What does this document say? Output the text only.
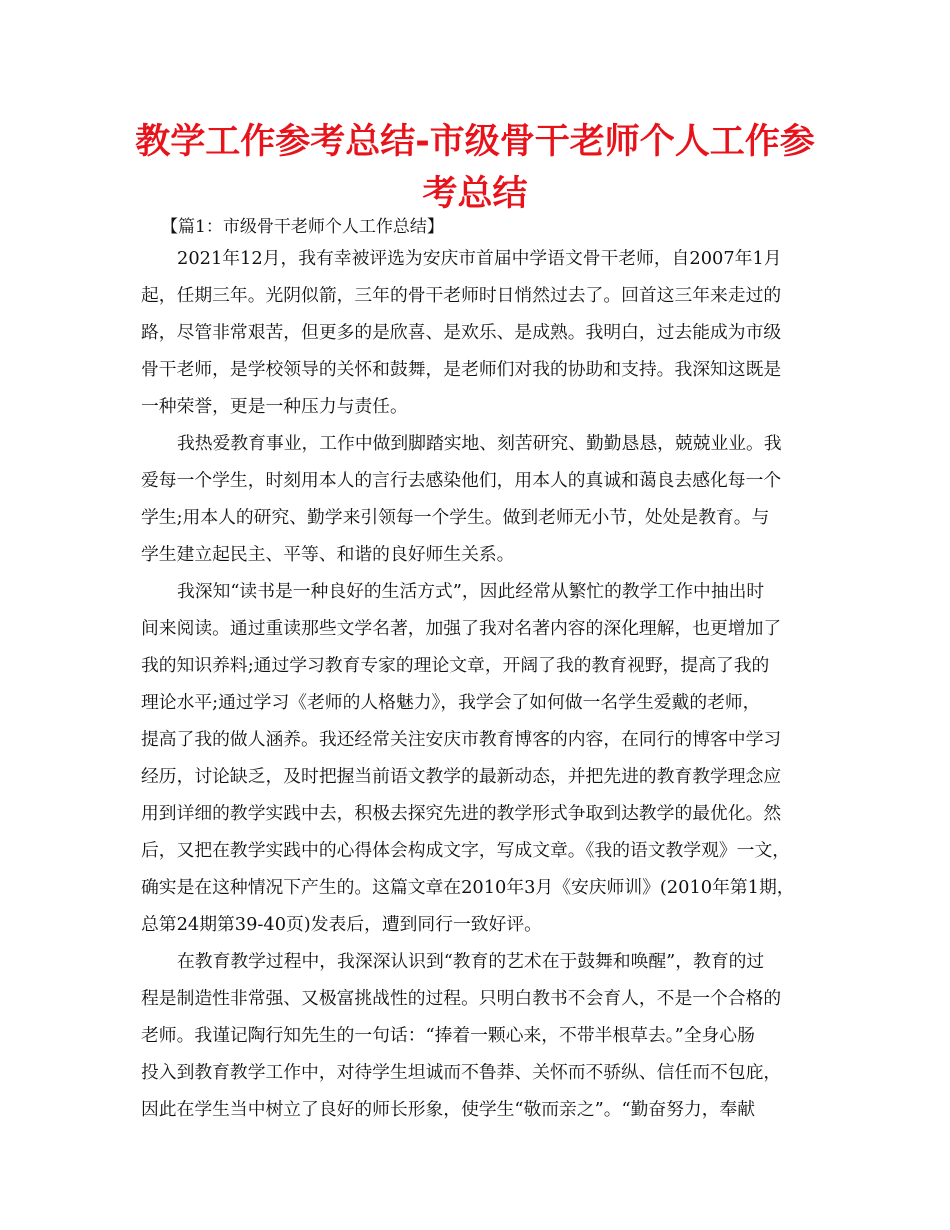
教学工作参考总结-市级骨干老师个人工作参考总结

【篇1：市级骨干老师个人工作总结】

2021年12月，我有幸被评选为安庆市首届中学语文骨干老师，自2007年1月

起，任期三年。光阴似箭，三年的骨干老师时日悄然过去了。回首这三年来走过的

路，尽管非常艰苦，但更多的是欣喜、是欢乐、是成熟。我明白，过去能成为市级

骨干老师，是学校领导的关怀和鼓舞，是老师们对我的协助和支持。我深知这既是

一种荣誉，更是一种压力与责任。

我热爱教育事业，工作中做到脚踏实地、刻苦研究、勤勤恳恳，兢兢业业。我

爱每一个学生，时刻用本人的言行去感染他们，用本人的真诚和蔼良去感化每一个

学生;用本人的研究、勤学来引领每一个学生。做到老师无小节，处处是教育。与

学生建立起民主、平等、和谐的良好师生关系。

我深知“读书是一种良好的生活方式”，因此经常从繁忙的教学工作中抽出时

间来阅读。通过重读那些文学名著，加强了我对名著内容的深化理解，也更增加了

我的知识养料;通过学习教育专家的理论文章，开阔了我的教育视野，提高了我的

理论水平;通过学习《老师的人格魅力》，我学会了如何做一名学生爱戴的老师，

提高了我的做人涵养。我还经常关注安庆市教育博客的内容，在同行的博客中学习

经历，讨论缺乏，及时把握当前语文教学的最新动态，并把先进的教育教学理念应

用到详细的教学实践中去，积极去探究先进的教学形式争取到达教学的最优化。然

后，又把在教学实践中的心得体会构成文字，写成文章。《我的语文教学观》一文，

确实是在这种情况下产生的。这篇文章在2010年3月《安庆师训》(2010年第1期，

总第24期第39-40页)发表后，遭到同行一致好评。

在教育教学过程中，我深深认识到“教育的艺术在于鼓舞和唤醒”，教育的过

程是制造性非常强、又极富挑战性的过程。只明白教书不会育人，不是一个合格的

老师。我谨记陶行知先生的一句话：“捧着一颗心来，不带半根草去。”全身心肠

投入到教育教学工作中，对待学生坦诚而不鲁莽、关怀而不骄纵、信任而不包庇，

因此在学生当中树立了良好的师长形象，使学生“敬而亲之”。“勤奋努力，奉献
